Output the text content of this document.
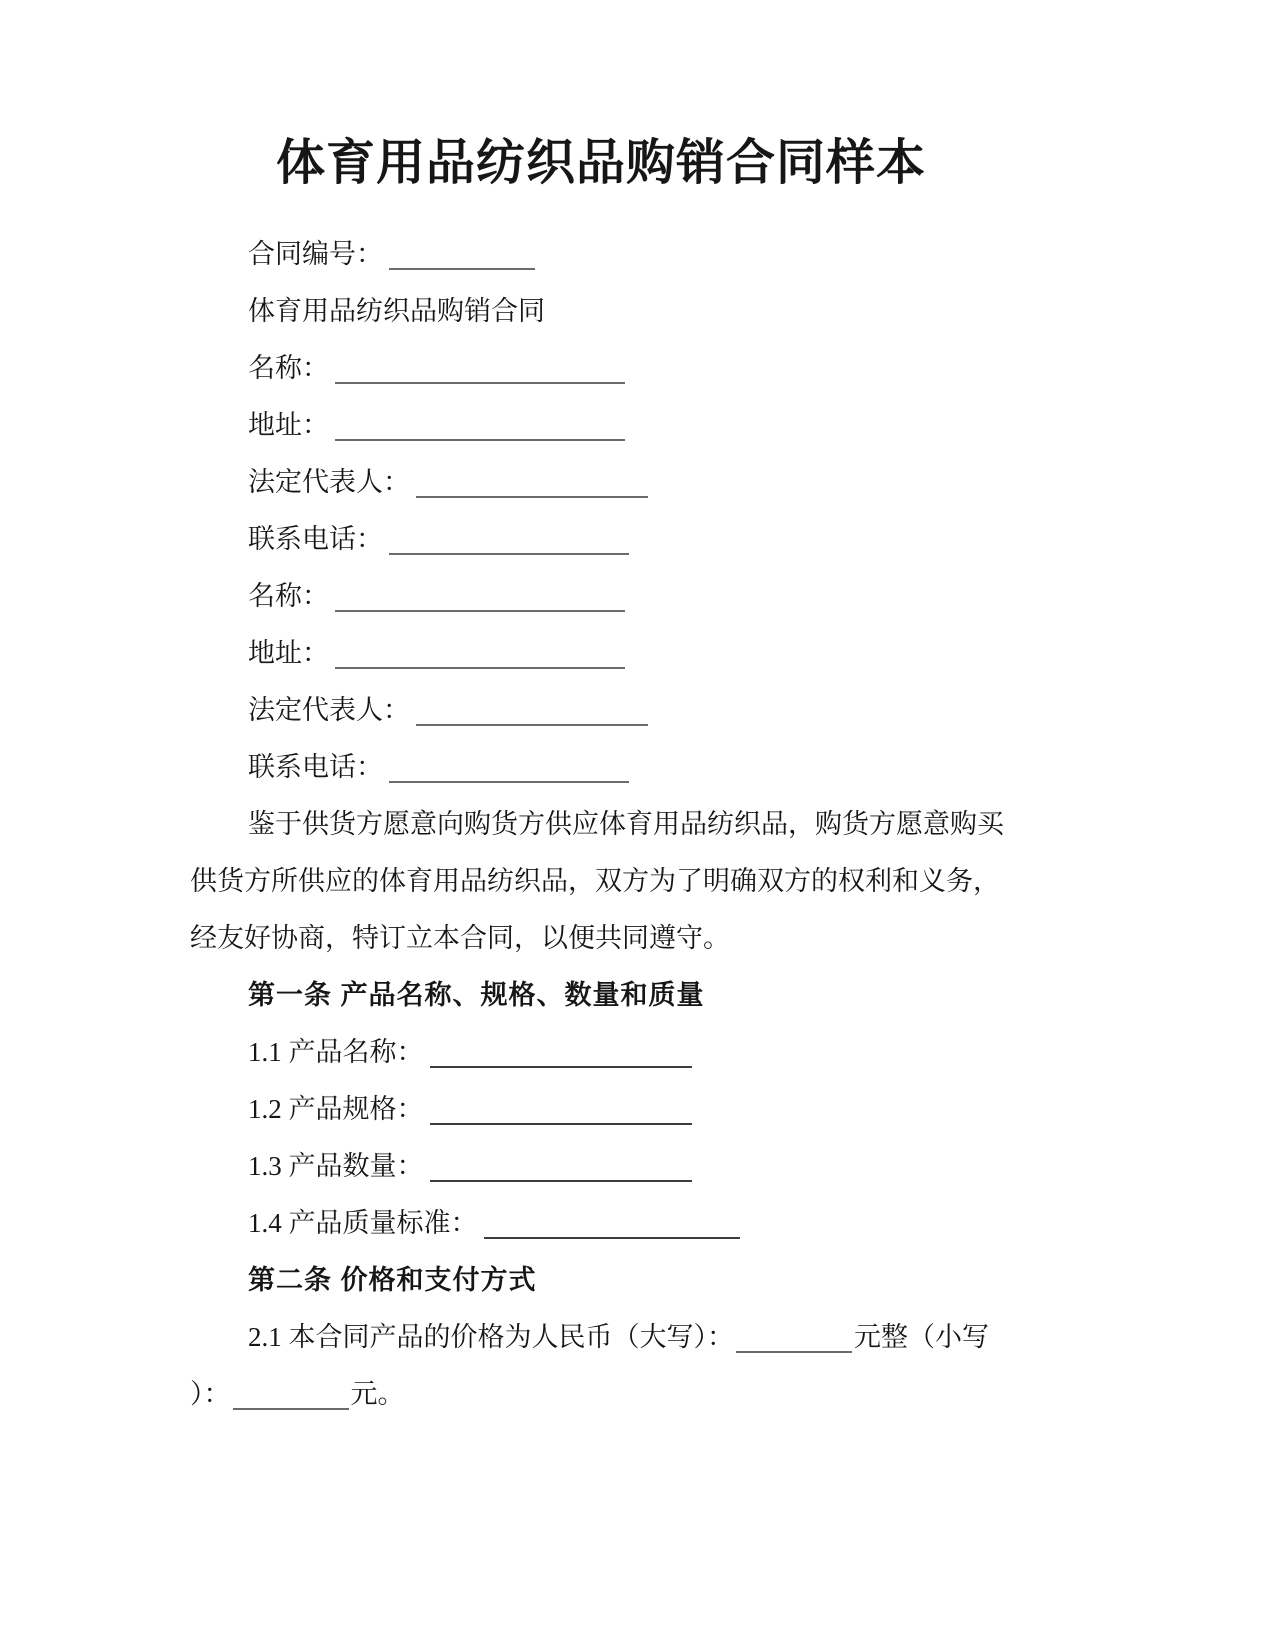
体育用品纺织品购销合同样本
合同编号：
体育用品纺织品购销合同
名称：
地址：
法定代表人：
联系电话：
名称：
地址：
法定代表人：
联系电话：
鉴于供货方愿意向购货方供应体育用品纺织品，购货方愿意购买
供货方所供应的体育用品纺织品，双方为了明确双方的权利和义务，
经友好协商，特订立本合同，以便共同遵守。
第一条 产品名称、规格、数量和质量
1.1 产品名称：
1.2 产品规格：
1.3 产品数量：
1.4 产品质量标准：
第二条 价格和支付方式
2.1 本合同产品的价格为人民币（大写）：	元整（小写
）：	元。
